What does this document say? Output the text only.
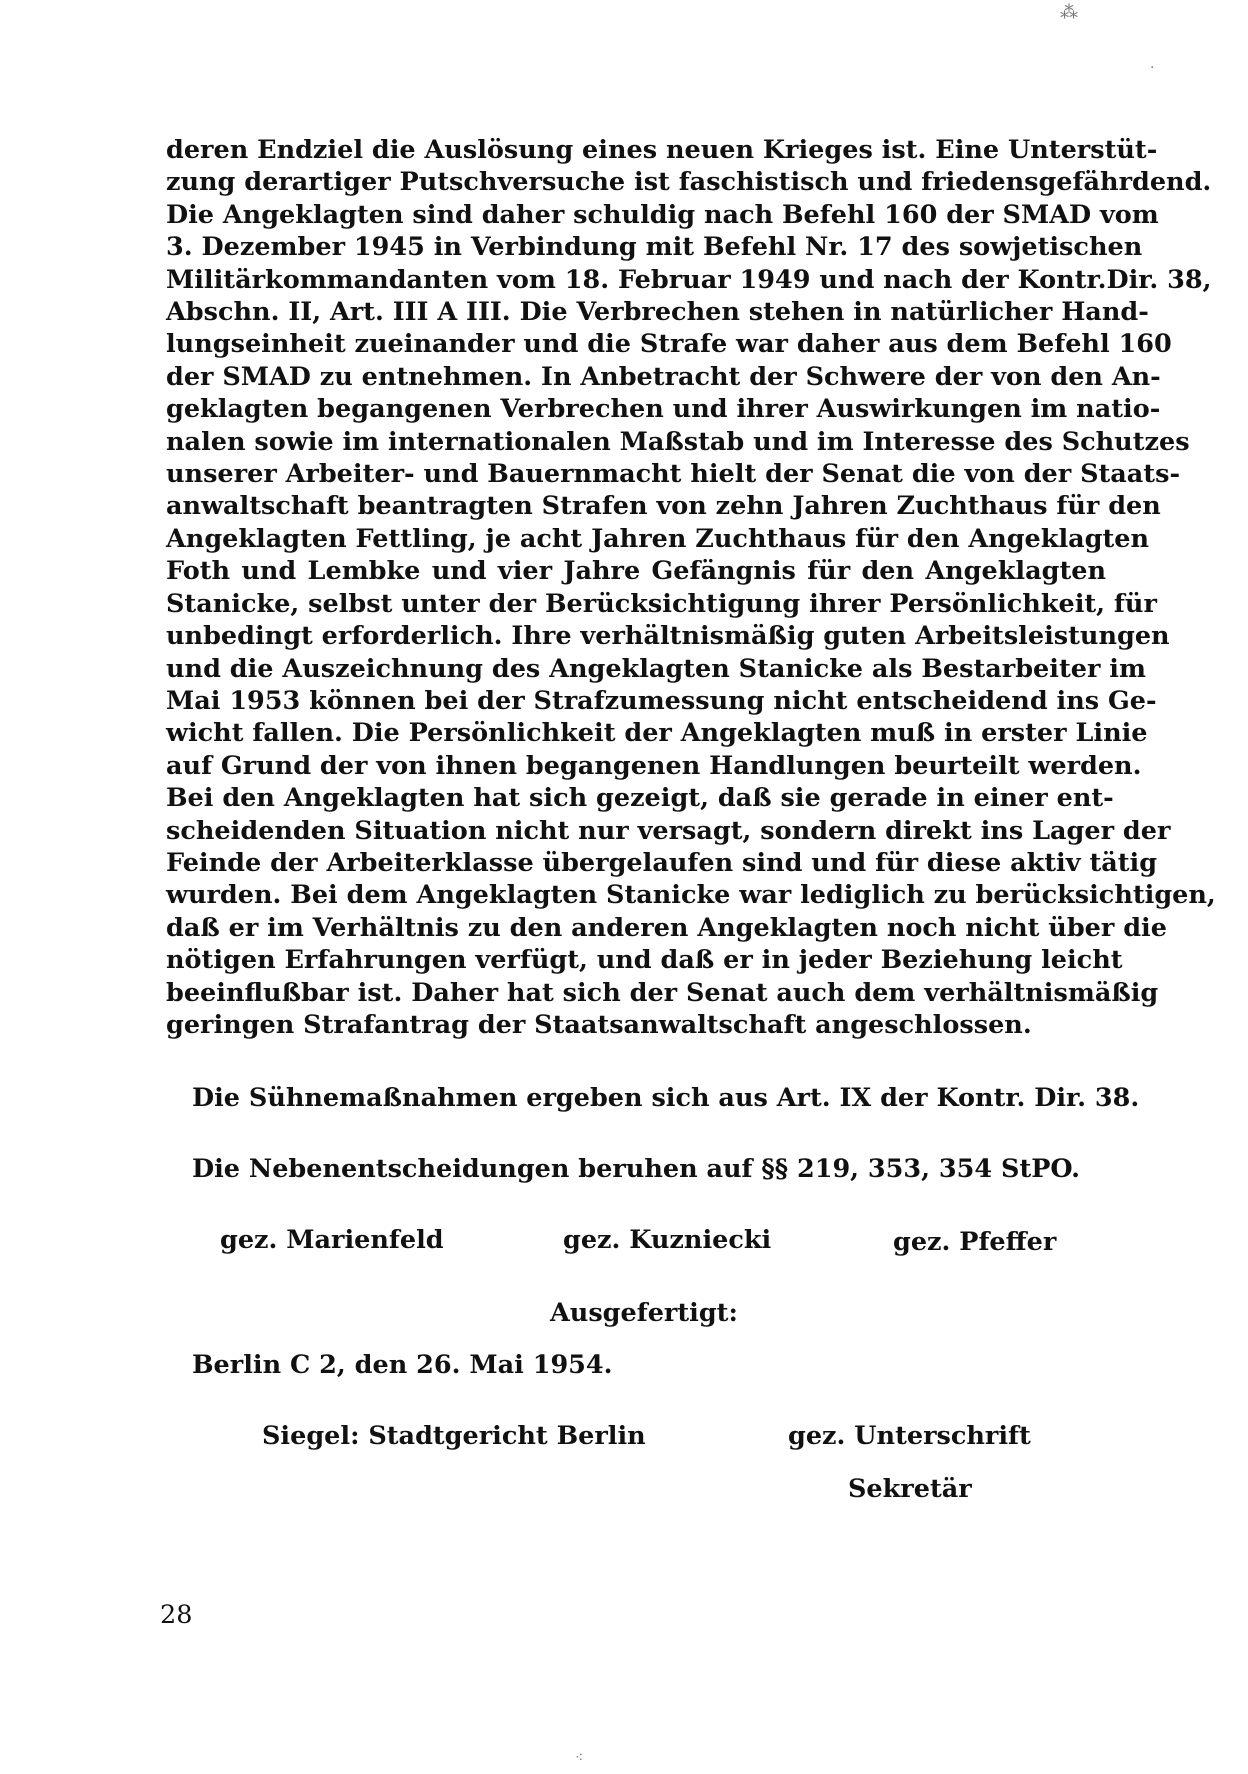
deren Endziel die Auslösung eines neuen Krieges ist. Eine Unterstüt-
zung derartiger Putschversuche ist faschistisch und friedensgefährdend.
Die Angeklagten sind daher schuldig nach Befehl 160 der SMAD vom
3. Dezember 1945 in Verbindung mit Befehl Nr. 17 des sowjetischen
Militärkommandanten vom 18. Februar 1949 und nach der Kontr.Dir. 38,
Abschn. II, Art. III A III. Die Verbrechen stehen in natürlicher Hand-
lungseinheit zueinander und die Strafe war daher aus dem Befehl 160
der SMAD zu entnehmen. In Anbetracht der Schwere der von den An-
geklagten begangenen Verbrechen und ihrer Auswirkungen im natio-
nalen sowie im internationalen Maßstab und im Interesse des Schutzes
unserer Arbeiter- und Bauernmacht hielt der Senat die von der Staats-
anwaltschaft beantragten Strafen von zehn Jahren Zuchthaus für den
Angeklagten Fettling, je acht Jahren Zuchthaus für den Angeklagten
Foth und Lembke und vier Jahre Gefängnis für den Angeklagten
Stanicke, selbst unter der Berücksichtigung ihrer Persönlichkeit, für
unbedingt erforderlich. Ihre verhältnismäßig guten Arbeitsleistungen
und die Auszeichnung des Angeklagten Stanicke als Bestarbeiter im
Mai 1953 können bei der Strafzumessung nicht entscheidend ins Ge-
wicht fallen. Die Persönlichkeit der Angeklagten muß in erster Linie
auf Grund der von ihnen begangenen Handlungen beurteilt werden.
Bei den Angeklagten hat sich gezeigt, daß sie gerade in einer ent-
scheidenden Situation nicht nur versagt, sondern direkt ins Lager der
Feinde der Arbeiterklasse übergelaufen sind und für diese aktiv tätig
wurden. Bei dem Angeklagten Stanicke war lediglich zu berücksichtigen,
daß er im Verhältnis zu den anderen Angeklagten noch nicht über die
nötigen Erfahrungen verfügt, und daß er in jeder Beziehung leicht
beeinflußbar ist. Daher hat sich der Senat auch dem verhältnismäßig
geringen Strafantrag der Staatsanwaltschaft angeschlossen.
Die Sühnemaßnahmen ergeben sich aus Art. IX der Kontr. Dir. 38.
Die Nebenentscheidungen beruhen auf §§ 219, 353, 354 StPO.
gez. Marienfeld	gez. Kuzniecki	gez. Pfeffer
Ausgefertigt:
Berlin C 2, den 26. Mai 1954.
Siegel: Stadtgericht Berlin	gez. Unterschrift
Sekretär
28
⁂
·
⁖
